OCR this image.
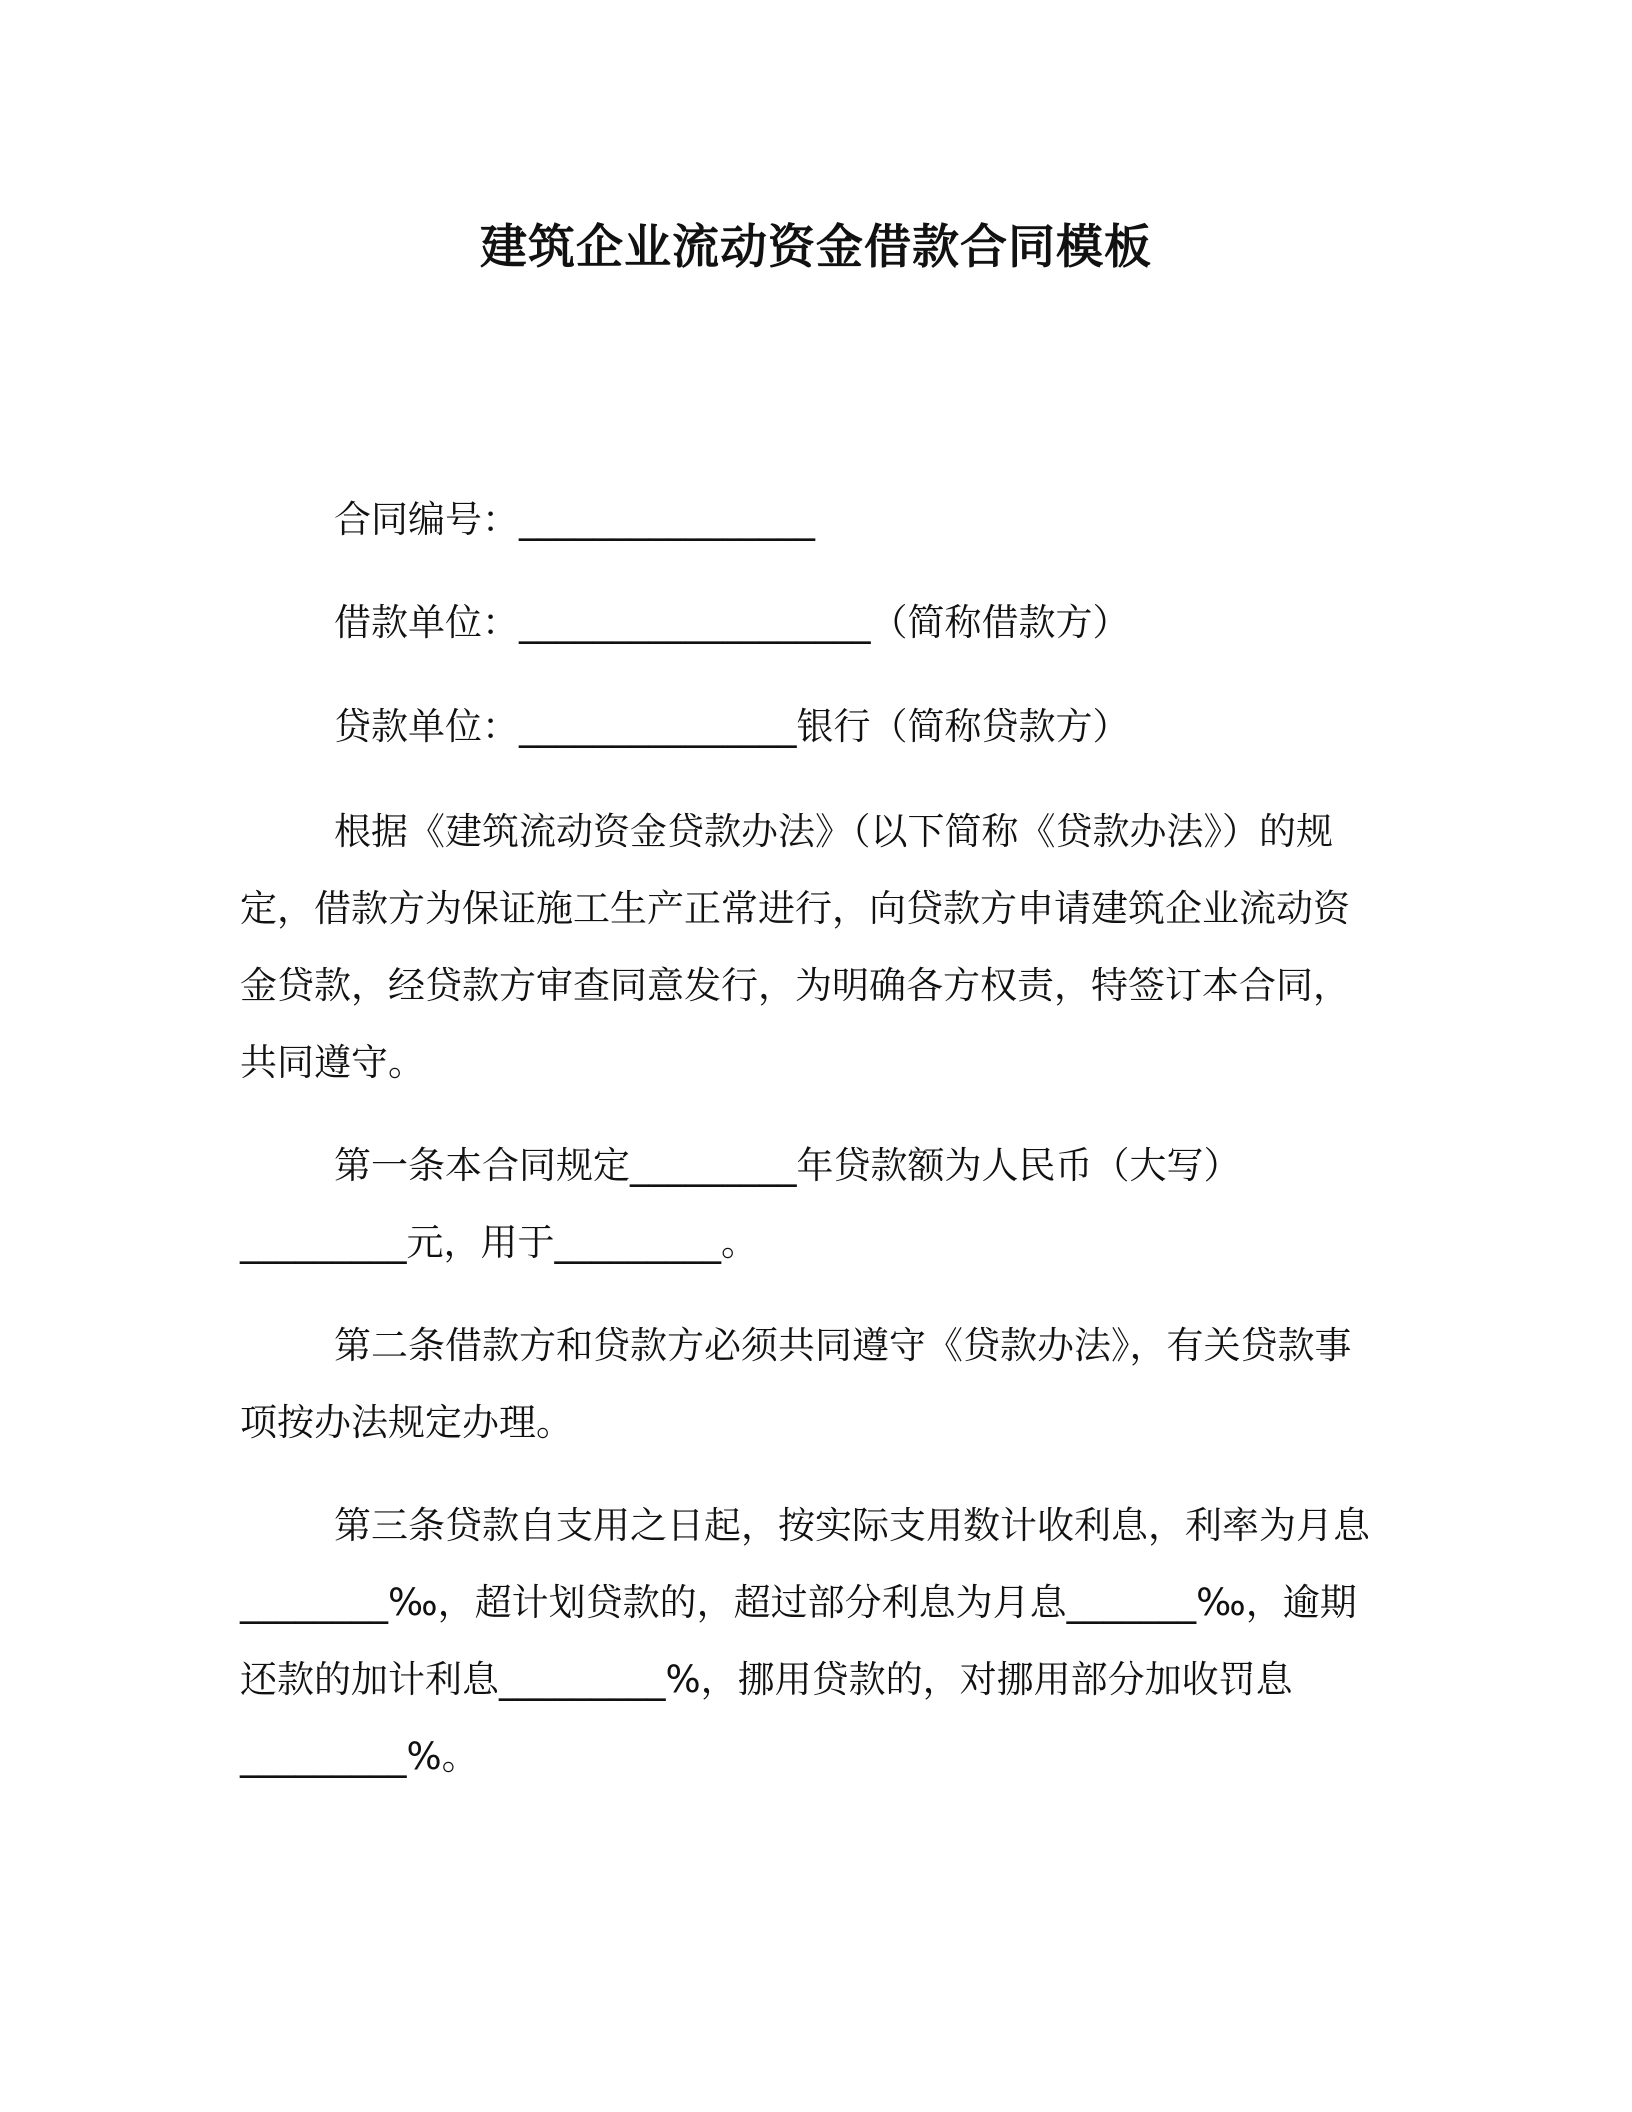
建筑企业流动资金借款合同模板

合同编号：________________

借款单位：___________________（简称借款方）

贷款单位：_______________银行（简称贷款方）

根据《建筑流动资金贷款办法》（以下简称《贷款办法》）的规
定，借款方为保证施工生产正常进行，向贷款方申请建筑企业流动资
金贷款，经贷款方审查同意发行，为明确各方权责，特签订本合同，
共同遵守。
第一条本合同规定_________年贷款额为人民币（大写）
_________元，用于_________。
第二条借款方和贷款方必须共同遵守《贷款办法》，有关贷款事
项按办法规定办理。
第三条贷款自支用之日起，按实际支用数计收利息，利率为月息
________‰，超计划贷款的，超过部分利息为月息_______‰，逾期
还款的加计利息_________%，挪用贷款的，对挪用部分加收罚息
_________%。
